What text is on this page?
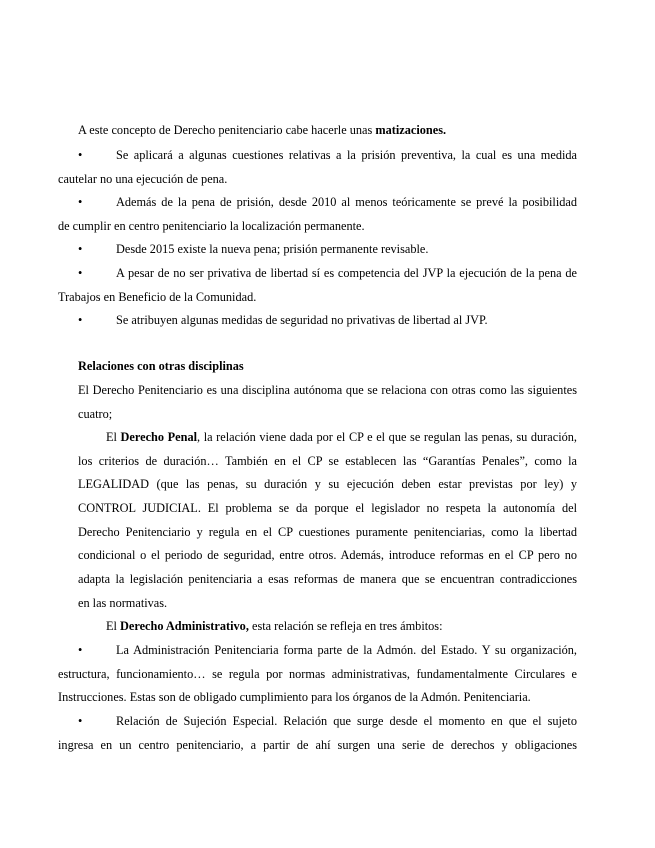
A este concepto de Derecho penitenciario cabe hacerle unas matizaciones.
•	Se aplicará a algunas cuestiones relativas a la prisión preventiva, la cual es una medida
cautelar no una ejecución de pena.
•	Además de la pena de prisión, desde 2010 al menos teóricamente se prevé la posibilidad
de cumplir en centro penitenciario la localización permanente.
•	Desde 2015 existe la nueva pena; prisión permanente revisable.
•	A pesar de no ser privativa de libertad sí es competencia del JVP la ejecución de la pena de
Trabajos en Beneficio de la Comunidad.
•	Se atribuyen algunas medidas de seguridad no privativas de libertad al JVP.
Relaciones con otras disciplinas
El Derecho Penitenciario es una disciplina autónoma que se relaciona con otras como las siguientes
cuatro;
El Derecho Penal, la relación viene dada por el CP e el que se regulan las penas, su duración,
los criterios de duración… También en el CP se establecen las “Garantías Penales”, como la
LEGALIDAD (que las penas, su duración y su ejecución deben estar previstas por ley) y
CONTROL JUDICIAL. El problema se da porque el legislador no respeta la autonomía del
Derecho Penitenciario y regula en el CP cuestiones puramente penitenciarias, como la libertad
condicional o el periodo de seguridad, entre otros. Además, introduce reformas en el CP pero no
adapta la legislación penitenciaria a esas reformas de manera que se encuentran contradicciones
en las normativas.
El Derecho Administrativo, esta relación se refleja en tres ámbitos:
•	La Administración Penitenciaria forma parte de la Admón. del Estado. Y su organización,
estructura, funcionamiento… se regula por normas administrativas, fundamentalmente Circulares e
Instrucciones. Estas son de obligado cumplimiento para los órganos de la Admón. Penitenciaria.
•	Relación de Sujeción Especial. Relación que surge desde el momento en que el sujeto
ingresa en un centro penitenciario, a partir de ahí surgen una serie de derechos y obligaciones
